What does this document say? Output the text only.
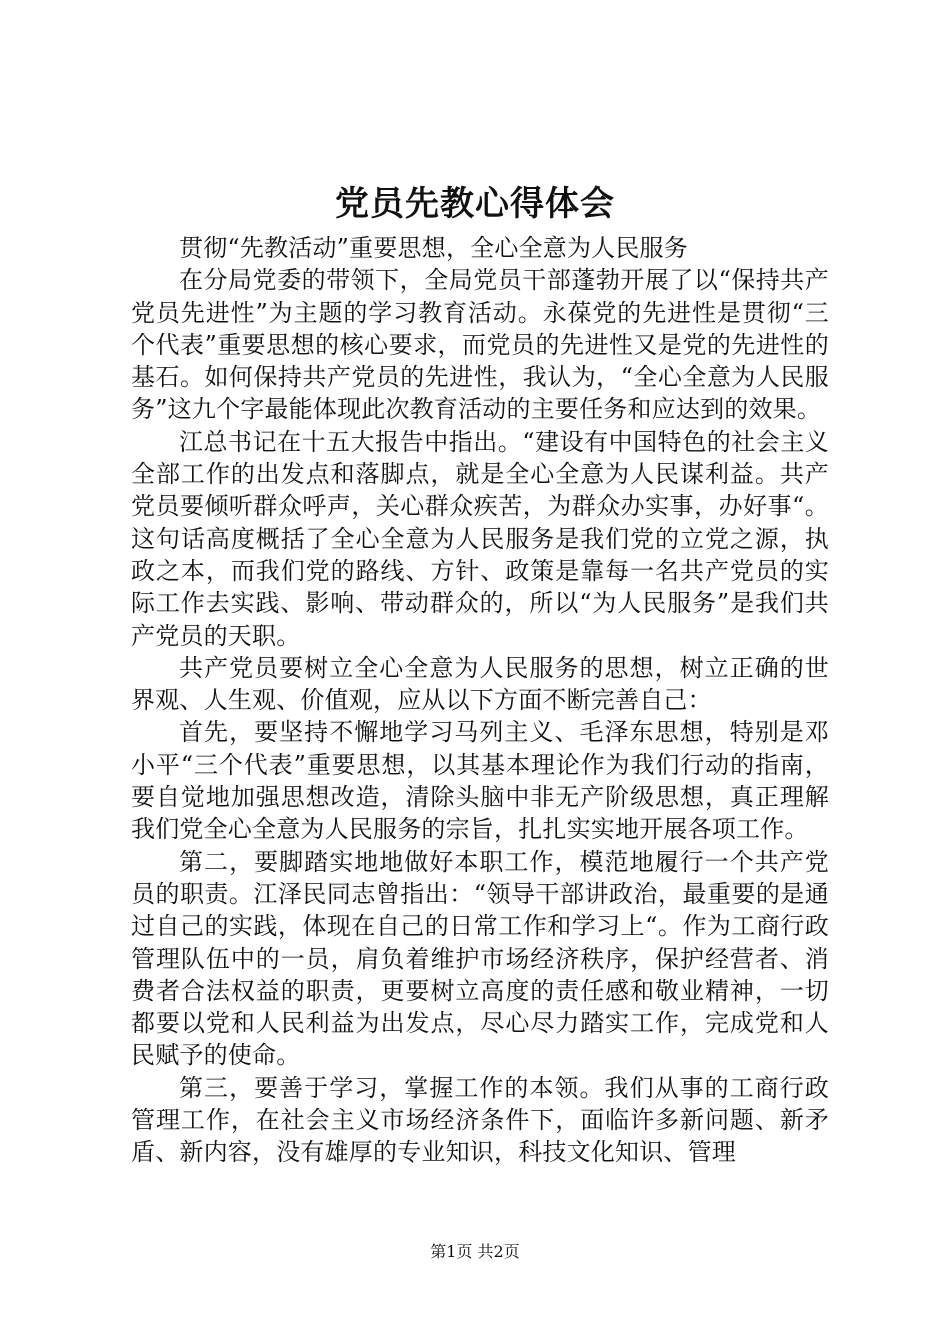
党员先教心得体会

贯彻“先教活动”重要思想，全心全意为人民服务

在分局党委的带领下，全局党员干部蓬勃开展了以“保持共产党员先进性”为主题的学习教育活动。永葆党的先进性是贯彻“三个代表”重要思想的核心要求，而党员的先进性又是党的先进性的基石。如何保持共产党员的先进性，我认为，“全心全意为人民服务”这九个字最能体现此次教育活动的主要任务和应达到的效果。

江总书记在十五大报告中指出。“建设有中国特色的社会主义全部工作的出发点和落脚点，就是全心全意为人民谋利益。共产党员要倾听群众呼声，关心群众疾苦，为群众办实事，办好事“。这句话高度概括了全心全意为人民服务是我们党的立党之源，执政之本，而我们党的路线、方针、政策是靠每一名共产党员的实际工作去实践、影响、带动群众的，所以“为人民服务”是我们共产党员的天职。

共产党员要树立全心全意为人民服务的思想，树立正确的世界观、人生观、价值观，应从以下方面不断完善自己：

首先，要坚持不懈地学习马列主义、毛泽东思想，特别是邓小平“三个代表”重要思想，以其基本理论作为我们行动的指南，要自觉地加强思想改造，清除头脑中非无产阶级思想，真正理解我们党全心全意为人民服务的宗旨，扎扎实实地开展各项工作。

第二，要脚踏实地地做好本职工作，模范地履行一个共产党员的职责。江泽民同志曾指出：“领导干部讲政治，最重要的是通过自己的实践，体现在自己的日常工作和学习上“。作为工商行政管理队伍中的一员，肩负着维护市场经济秩序，保护经营者、消费者合法权益的职责，更要树立高度的责任感和敬业精神，一切都要以党和人民利益为出发点，尽心尽力踏实工作，完成党和人民赋予的使命。

第三，要善于学习，掌握工作的本领。我们从事的工商行政管理工作，在社会主义市场经济条件下，面临许多新问题、新矛盾、新内容，没有雄厚的专业知识，科技文化知识、管理

第1页 共2页
